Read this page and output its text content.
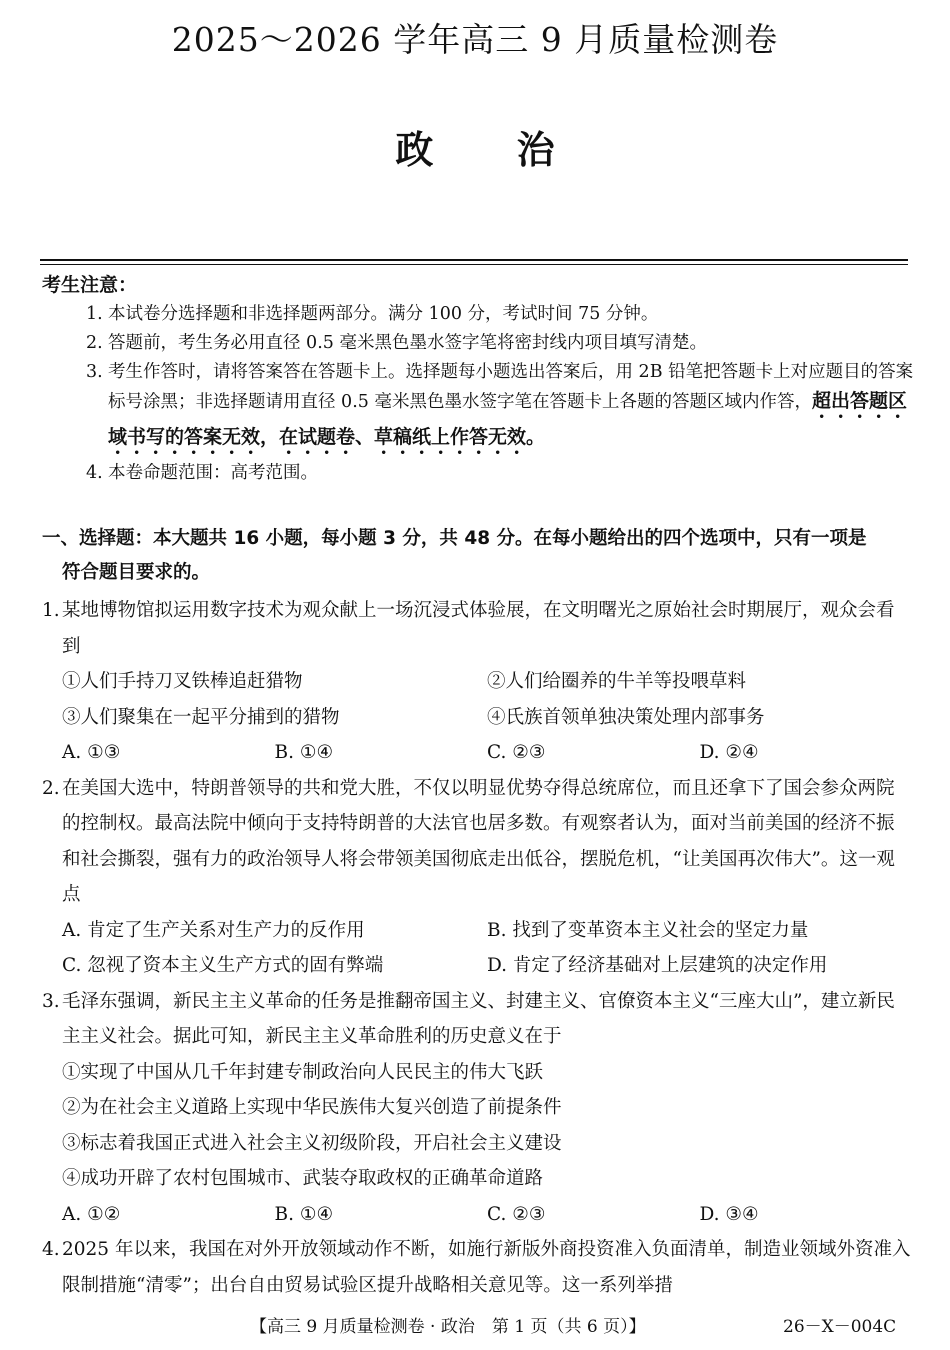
2025～2026 学年高三 9 月质量检测卷
政 治
考生注意：
1. 本试卷分选择题和非选择题两部分。满分 100 分，考试时间 75 分钟。
2. 答题前，考生务必用直径 0.5 毫米黑色墨水签字笔将密封线内项目填写清楚。
3. 考生作答时，请将答案答在答题卡上。选择题每小题选出答案后，用 2B 铅笔把答题卡上对应题目的答案标号涂黑；非选择题请用直径 0.5 毫米黑色墨水签字笔在答题卡上各题的答题区域内作答，超出答题区域书写的答案无效，在试题卷、草稿纸上作答无效。
4. 本卷命题范围：高考范围。
一、选择题：本大题共 16 小题，每小题 3 分，共 48 分。在每小题给出的四个选项中，只有一项是
符合题目要求的。
1. 某地博物馆拟运用数字技术为观众献上一场沉浸式体验展，在文明曙光之原始社会时期展厅，观众会看到
①人们手持刀叉铁棒追赶猎物	②人们给圈养的牛羊等投喂草料
③人们聚集在一起平分捕到的猎物	④氏族首领单独决策处理内部事务
A. ①③	B. ①④	C. ②③	D. ②④
2. 在美国大选中，特朗普领导的共和党大胜，不仅以明显优势夺得总统席位，而且还拿下了国会参众两院的控制权。最高法院中倾向于支持特朗普的大法官也居多数。有观察者认为，面对当前美国的经济不振和社会撕裂，强有力的政治领导人将会带领美国彻底走出低谷，摆脱危机，“让美国再次伟大”。这一观点
A. 肯定了生产关系对生产力的反作用	B. 找到了变革资本主义社会的坚定力量
C. 忽视了资本主义生产方式的固有弊端	D. 肯定了经济基础对上层建筑的决定作用
3. 毛泽东强调，新民主主义革命的任务是推翻帝国主义、封建主义、官僚资本主义“三座大山”，建立新民主主义社会。据此可知，新民主主义革命胜利的历史意义在于
①实现了中国从几千年封建专制政治向人民民主的伟大飞跃
②为在社会主义道路上实现中华民族伟大复兴创造了前提条件
③标志着我国正式进入社会主义初级阶段，开启社会主义建设
④成功开辟了农村包围城市、武装夺取政权的正确革命道路
A. ①②	B. ①④	C. ②③	D. ③④
4. 2025 年以来，我国在对外开放领域动作不断，如施行新版外商投资准入负面清单，制造业领域外资准入限制措施“清零”；出台自由贸易试验区提升战略相关意见等。这一系列举措
【高三 9 月质量检测卷 · 政治　第 1 页（共 6 页）】	26－X－004C
